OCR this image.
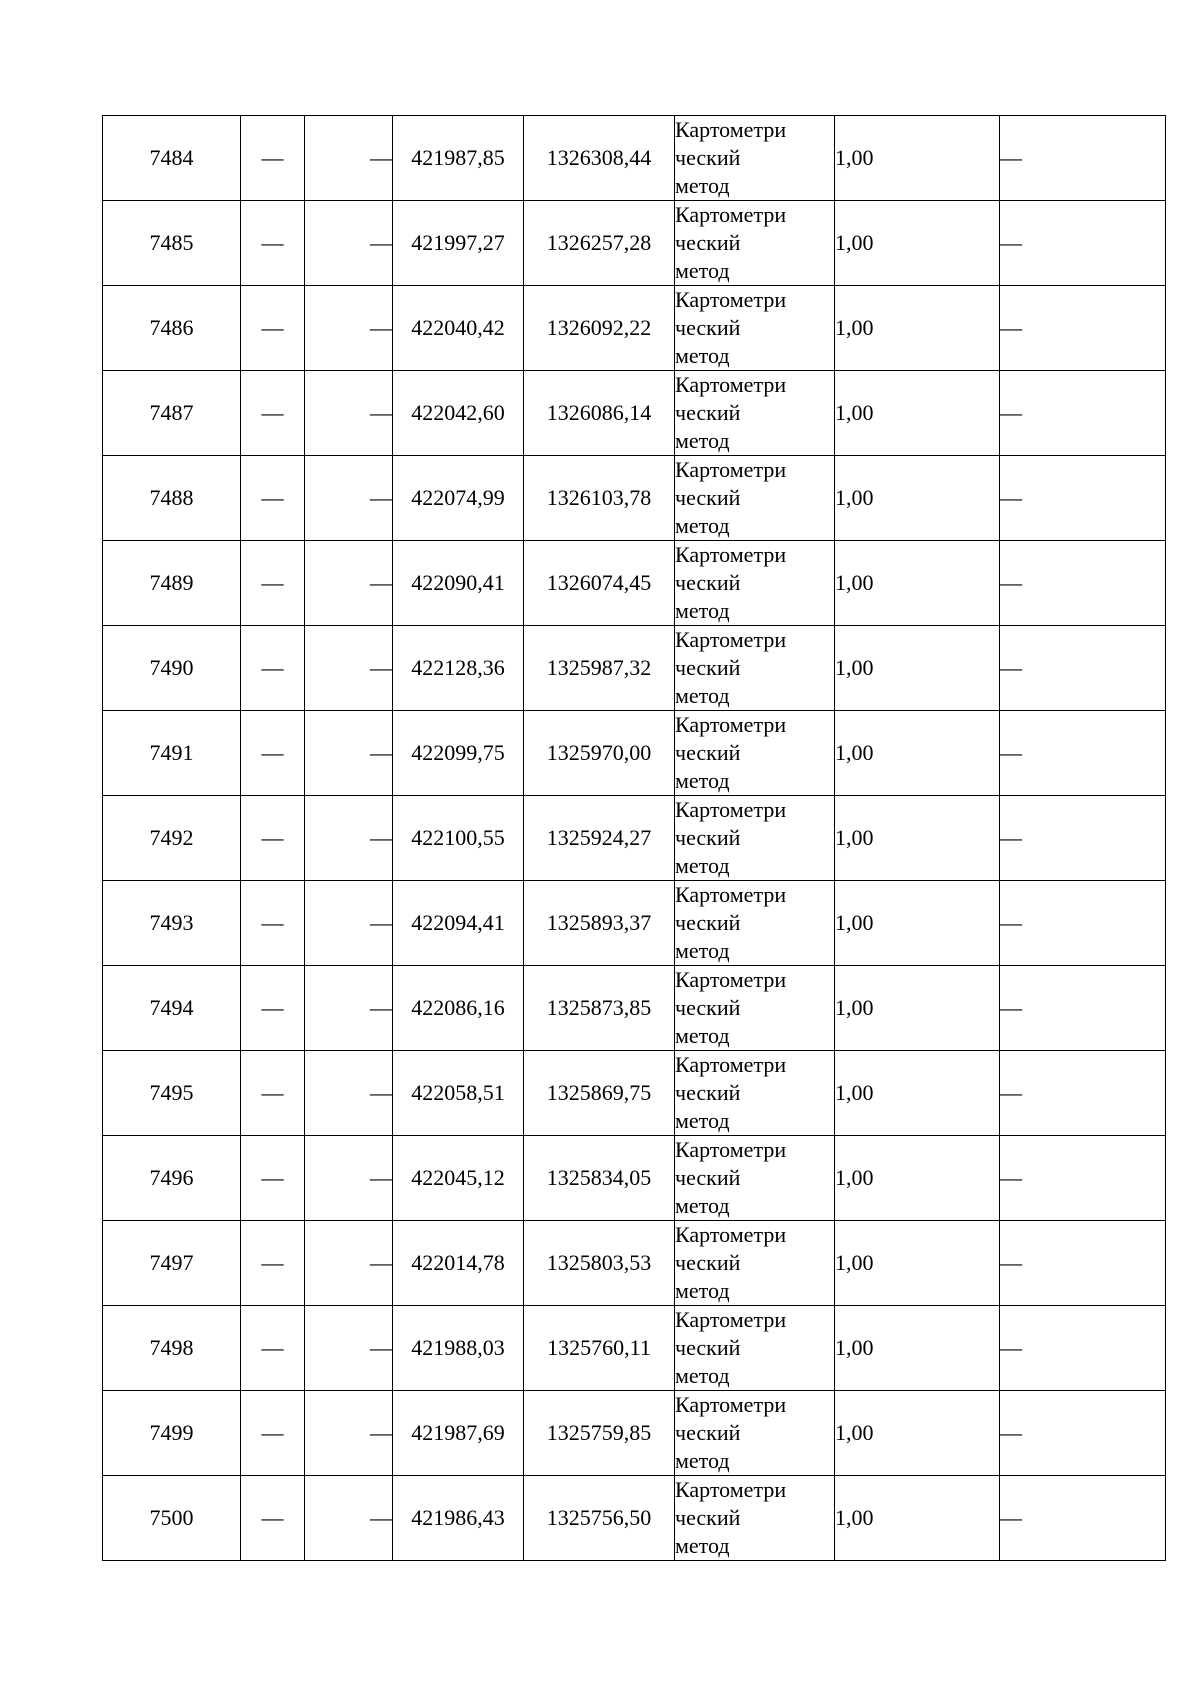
7484	—	—	421987,85	1326308,44	Картометри
ческий
метод	1,00	—
7485	—	—	421997,27	1326257,28	Картометри
ческий
метод	1,00	—
7486	—	—	422040,42	1326092,22	Картометри
ческий
метод	1,00	—
7487	—	—	422042,60	1326086,14	Картометри
ческий
метод	1,00	—
7488	—	—	422074,99	1326103,78	Картометри
ческий
метод	1,00	—
7489	—	—	422090,41	1326074,45	Картометри
ческий
метод	1,00	—
7490	—	—	422128,36	1325987,32	Картометри
ческий
метод	1,00	—
7491	—	—	422099,75	1325970,00	Картометри
ческий
метод	1,00	—
7492	—	—	422100,55	1325924,27	Картометри
ческий
метод	1,00	—
7493	—	—	422094,41	1325893,37	Картометри
ческий
метод	1,00	—
7494	—	—	422086,16	1325873,85	Картометри
ческий
метод	1,00	—
7495	—	—	422058,51	1325869,75	Картометри
ческий
метод	1,00	—
7496	—	—	422045,12	1325834,05	Картометри
ческий
метод	1,00	—
7497	—	—	422014,78	1325803,53	Картометри
ческий
метод	1,00	—
7498	—	—	421988,03	1325760,11	Картометри
ческий
метод	1,00	—
7499	—	—	421987,69	1325759,85	Картометри
ческий
метод	1,00	—
7500	—	—	421986,43	1325756,50	Картометри
ческий
метод	1,00	—
